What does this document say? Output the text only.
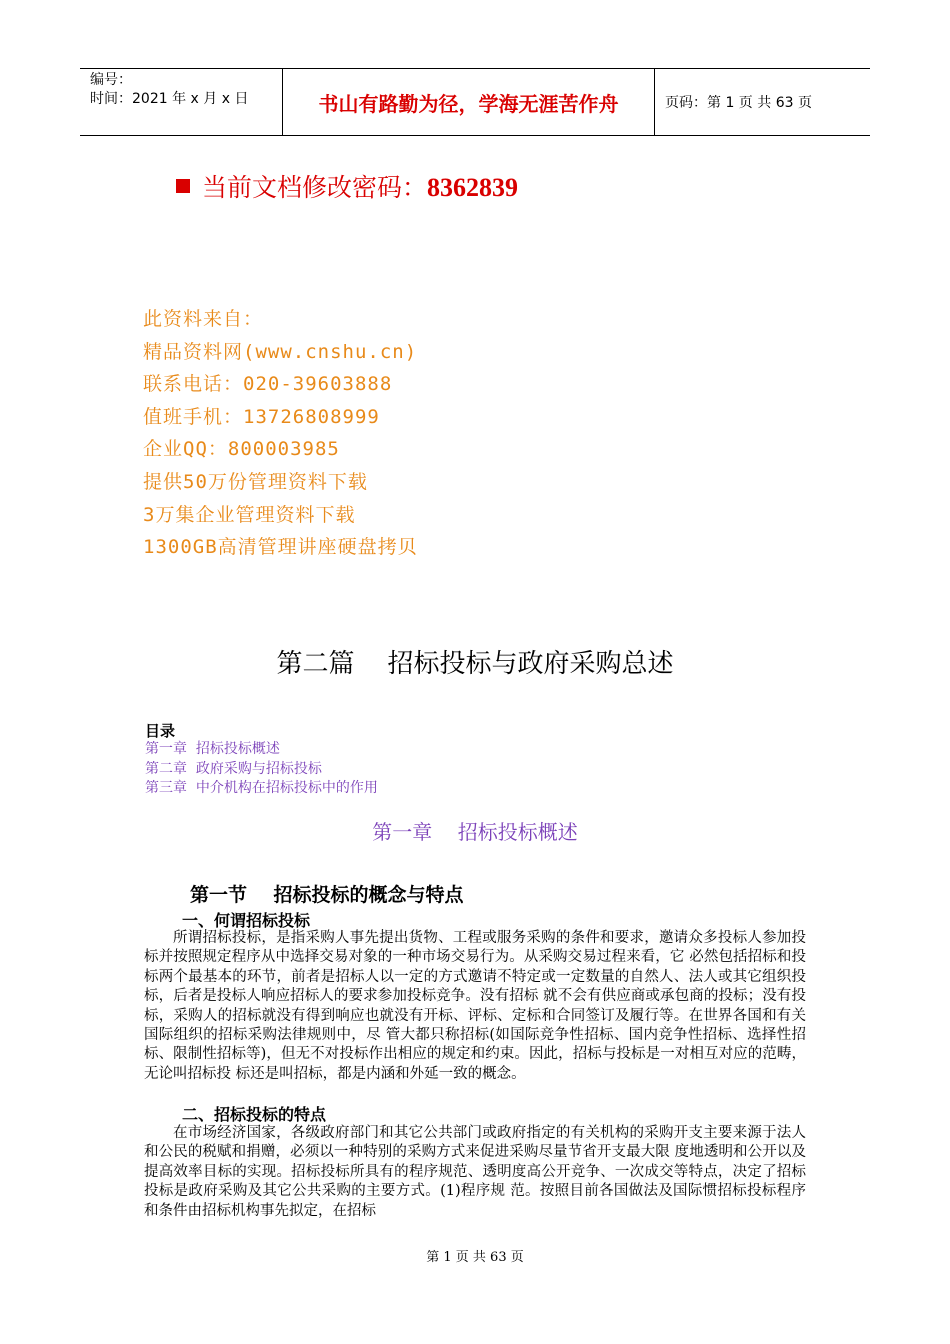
编号：
时间：2021 年 x 月 x 日	书山有路勤为径，学海无涯苦作舟	页码：第 1 页 共 63 页
当前文档修改密码：8362839
此资料来自：
精品资料网(www.cnshu.cn)
联系电话：020-39603888
值班手机：13726808999
企业QQ：800003985
提供50万份管理资料下载
3万集企业管理资料下载
1300GB高清管理讲座硬盘拷贝
第二篇    招标投标与政府采购总述
目录
第一章  招标投标概述
第二章  政府采购与招标投标
第三章  中介机构在招标投标中的作用
第一章    招标投标概述
第一节    招标投标的概念与特点
一、何谓招标投标
所谓招标投标，是指采购人事先提出货物、工程或服务采购的条件和要求，邀请众多投标人参加投标并按照规定程序从中选择交易对象的一种市场交易行为。从采购交易过程来看，它 必然包括招标和投标两个最基本的环节，前者是招标人以一定的方式邀请不特定或一定数量的自然人、法人或其它组织投标，后者是投标人响应招标人的要求参加投标竞争。没有招标 就不会有供应商或承包商的投标；没有投标，采购人的招标就没有得到响应也就没有开标、评标、定标和合同签订及履行等。在世界各国和有关国际组织的招标采购法律规则中，尽 管大都只称招标(如国际竞争性招标、国内竞争性招标、选择性招标、限制性招标等)，但无不对投标作出相应的规定和约束。因此，招标与投标是一对相互对应的范畴，无论叫招标投 标还是叫招标，都是内涵和外延一致的概念。
二、招标投标的特点
在市场经济国家，各级政府部门和其它公共部门或政府指定的有关机构的采购开支主要来源于法人和公民的税赋和捐赠，必须以一种特别的采购方式来促进采购尽量节省开支最大限 度地透明和公开以及提高效率目标的实现。招标投标所具有的程序规范、透明度高公开竞争、一次成交等特点，决定了招标投标是政府采购及其它公共采购的主要方式。(1)程序规 范。按照目前各国做法及国际惯招标投标程序和条件由招标机构事先拟定，在招标
第 1 页 共 63 页
